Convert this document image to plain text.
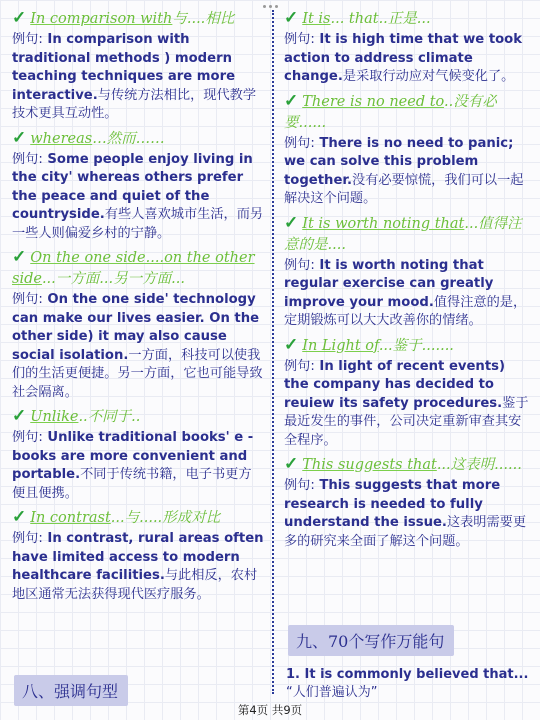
✓ In comparison with与....相比

例句: In comparison with traditional methods ) modern teaching techniques are more interactive.与传统方法相比，现代教学技术更具互动性。

✓ whereas…然而……

例句: Some people enjoy living in the city' whereas others prefer the peace and quiet of the countryside.有些人喜欢城市生活，而另一些人则偏爱乡村的宁静。

✓ On the one side....on the other side...一方面...另一方面...

例句: On the one side' technology can make our lives easier. On the other side) it may also cause social isolation.一方面，科技可以使我们的生活更便捷。另一方面，它也可能导致社会隔离。

✓ Unlike..不同于..

例句: Unlike traditional books' e - books are more convenient and portable.不同于传统书籍，电子书更方便且便携。

✓ In contrast...与.....形成对比

例句: In contrast, rural areas often have limited access to modern healthcare facilities.与此相反，农村地区通常无法获得现代医疗服务。

八、强调句型

✓ It is... that..正是...

例句: It is high time that we took action to address climate change.是采取行动应对气候变化了。

✓ There is no need to..没有必要......

例句: There is no need to panic; we can solve this problem together.没有必要惊慌，我们可以一起解决这个问题。

✓ It is worth noting that...值得注意的是....

例句: It is worth noting that regular exercise can greatly improve your mood.值得注意的是，定期锻炼可以大大改善你的情绪。

✓ In Light of...鉴于.......

例句: In light of recent events) the company has decided to reuiew its safety procedures.鉴于最近发生的事件，公司决定重新审查其安全程序。

✓ This suggests that...这表明......

例句: This suggests that more research is needed to fully understand the issue.这表明需要更多的研究来全面了解这个问题。

九、70个写作万能句
1. It is commonly believed that...
“人们普遍认为”
第4页 共9页
